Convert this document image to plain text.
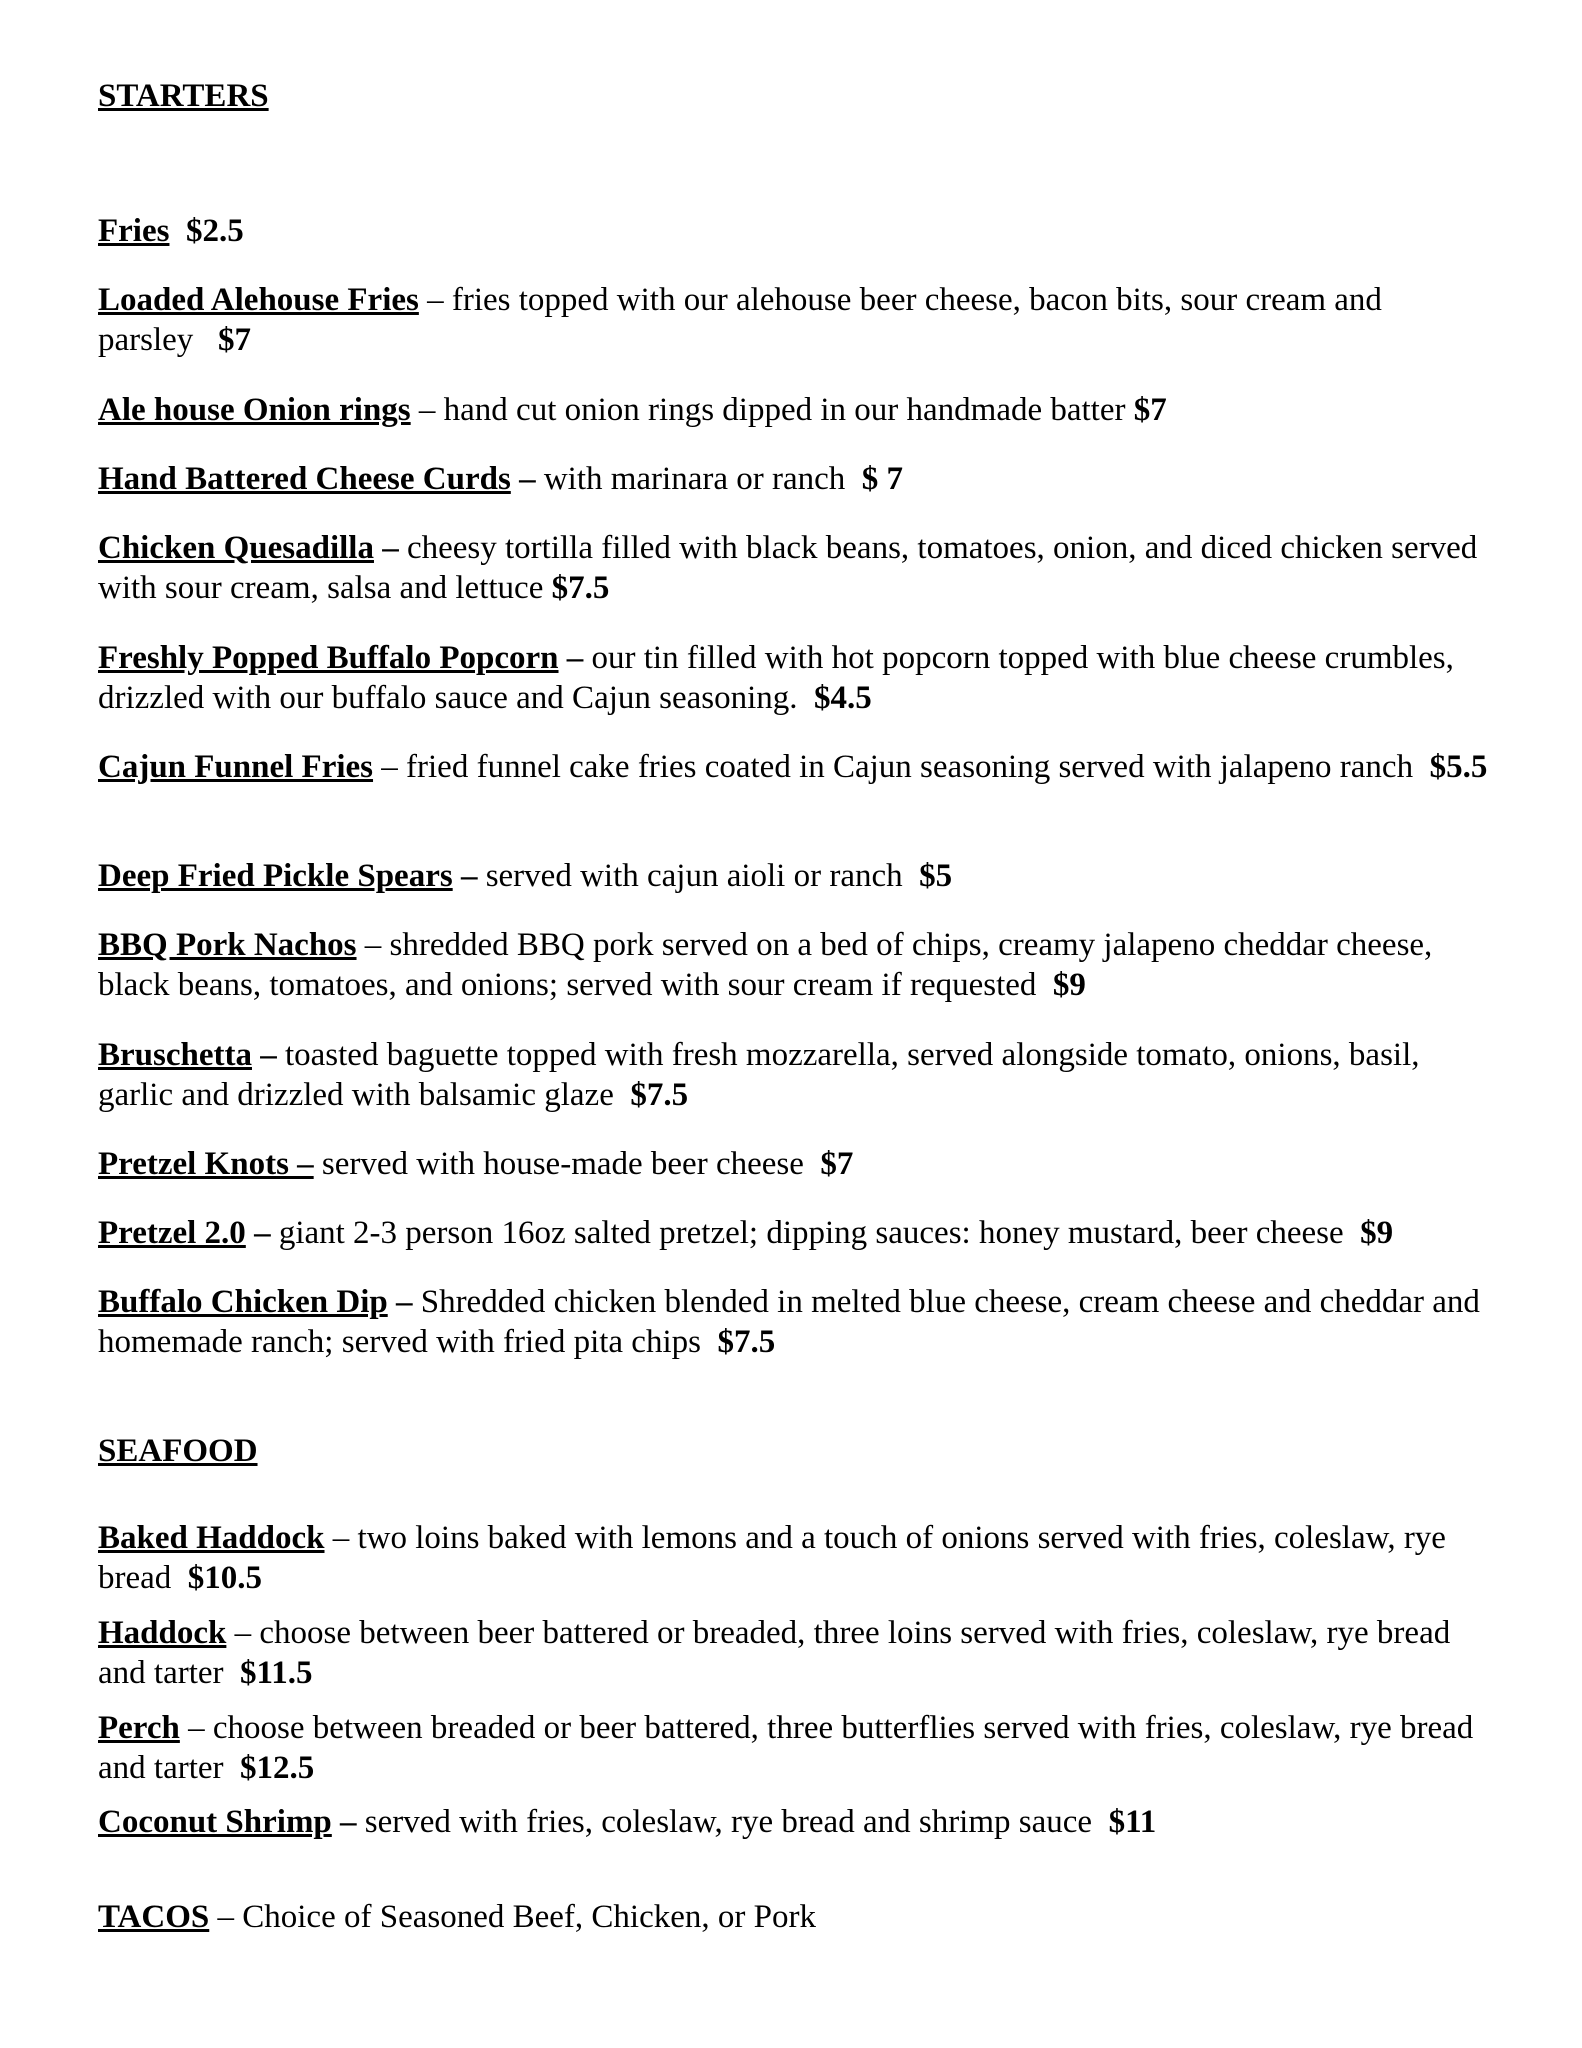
STARTERS
Fries $2.5
Loaded Alehouse Fries – fries topped with our alehouse beer cheese, bacon bits, sour cream and parsley $7
Ale house Onion rings – hand cut onion rings dipped in our handmade batter $7
Hand Battered Cheese Curds – with marinara or ranch $ 7
Chicken Quesadilla – cheesy tortilla filled with black beans, tomatoes, onion, and diced chicken served with sour cream, salsa and lettuce $7.5
Freshly Popped Buffalo Popcorn – our tin filled with hot popcorn topped with blue cheese crumbles, drizzled with our buffalo sauce and Cajun seasoning. $4.5
Cajun Funnel Fries – fried funnel cake fries coated in Cajun seasoning served with jalapeno ranch $5.5
Deep Fried Pickle Spears – served with cajun aioli or ranch $5
BBQ Pork Nachos – shredded BBQ pork served on a bed of chips, creamy jalapeno cheddar cheese, black beans, tomatoes, and onions; served with sour cream if requested $9
Bruschetta – toasted baguette topped with fresh mozzarella, served alongside tomato, onions, basil, garlic and drizzled with balsamic glaze $7.5
Pretzel Knots – served with house-made beer cheese $7
Pretzel 2.0 – giant 2-3 person 16oz salted pretzel; dipping sauces: honey mustard, beer cheese $9
Buffalo Chicken Dip – Shredded chicken blended in melted blue cheese, cream cheese and cheddar and homemade ranch; served with fried pita chips $7.5
SEAFOOD
Baked Haddock – two loins baked with lemons and a touch of onions served with fries, coleslaw, rye bread $10.5
Haddock – choose between beer battered or breaded, three loins served with fries, coleslaw, rye bread and tarter $11.5
Perch – choose between breaded or beer battered, three butterflies served with fries, coleslaw, rye bread and tarter $12.5
Coconut Shrimp – served with fries, coleslaw, rye bread and shrimp sauce $11
TACOS – Choice of Seasoned Beef, Chicken, or Pork
